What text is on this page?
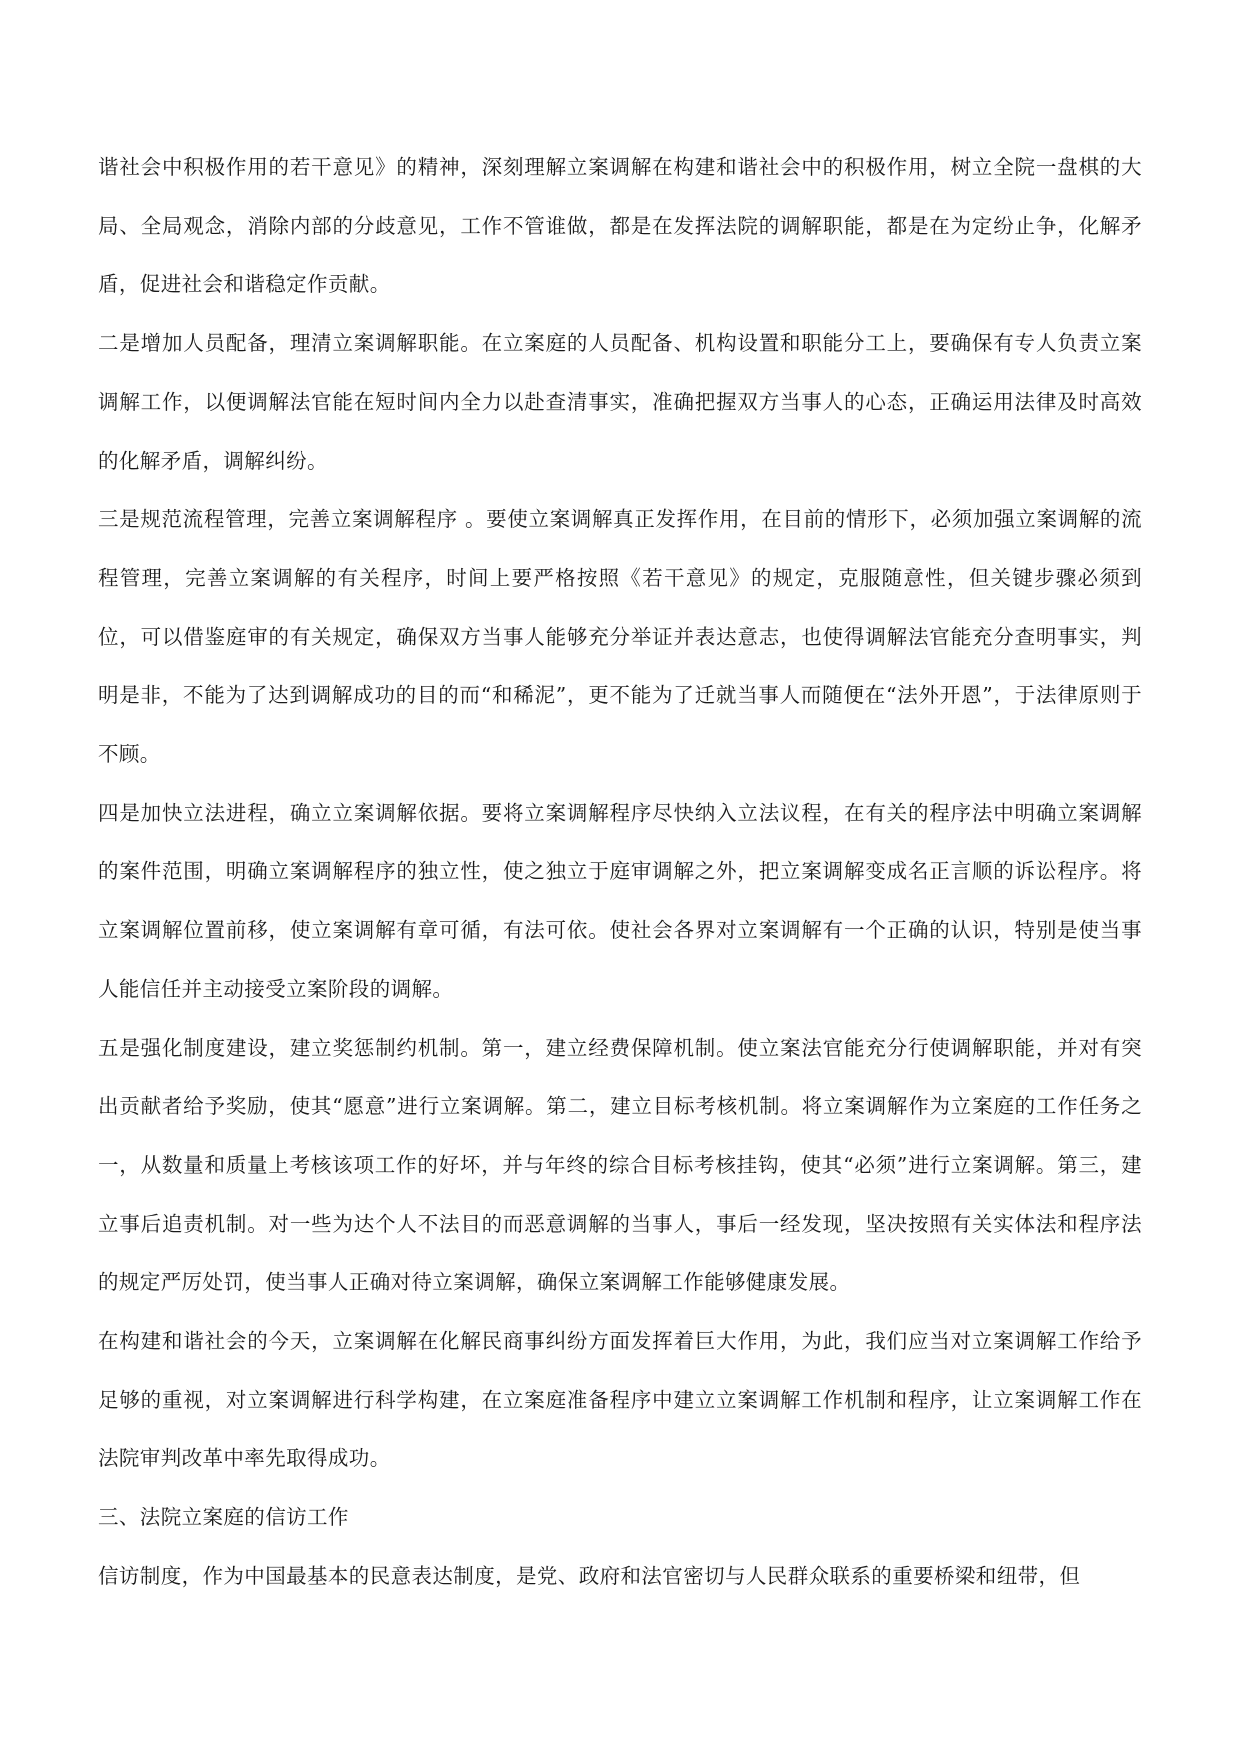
谐社会中积极作用的若干意见》的精神，深刻理解立案调解在构建和谐社会中的积极作用，树立全院一盘棋的大局、全局观念，消除内部的分歧意见，工作不管谁做，都是在发挥法院的调解职能，都是在为定纷止争，化解矛盾，促进社会和谐稳定作贡献。

二是增加人员配备，理清立案调解职能。在立案庭的人员配备、机构设置和职能分工上，要确保有专人负责立案调解工作，以便调解法官能在短时间内全力以赴查清事实，准确把握双方当事人的心态，正确运用法律及时高效的化解矛盾，调解纠纷。

三是规范流程管理，完善立案调解程序 。要使立案调解真正发挥作用，在目前的情形下，必须加强立案调解的流程管理，完善立案调解的有关程序，时间上要严格按照《若干意见》的规定，克服随意性，但关键步骤必须到位，可以借鉴庭审的有关规定，确保双方当事人能够充分举证并表达意志，也使得调解法官能充分查明事实，判明是非，不能为了达到调解成功的目的而“和稀泥”，更不能为了迁就当事人而随便在“法外开恩”，于法律原则于不顾。

四是加快立法进程，确立立案调解依据。要将立案调解程序尽快纳入立法议程，在有关的程序法中明确立案调解的案件范围，明确立案调解程序的独立性，使之独立于庭审调解之外，把立案调解变成名正言顺的诉讼程序。将立案调解位置前移，使立案调解有章可循，有法可依。使社会各界对立案调解有一个正确的认识，特别是使当事人能信任并主动接受立案阶段的调解。

五是强化制度建设，建立奖惩制约机制。第一，建立经费保障机制。使立案法官能充分行使调解职能，并对有突出贡献者给予奖励，使其“愿意”进行立案调解。第二，建立目标考核机制。将立案调解作为立案庭的工作任务之一，从数量和质量上考核该项工作的好坏，并与年终的综合目标考核挂钩，使其“必须”进行立案调解。第三，建立事后追责机制。对一些为达个人不法目的而恶意调解的当事人，事后一经发现，坚决按照有关实体法和程序法的规定严厉处罚，使当事人正确对待立案调解，确保立案调解工作能够健康发展。

在构建和谐社会的今天，立案调解在化解民商事纠纷方面发挥着巨大作用，为此，我们应当对立案调解工作给予足够的重视，对立案调解进行科学构建，在立案庭准备程序中建立立案调解工作机制和程序，让立案调解工作在法院审判改革中率先取得成功。

三、法院立案庭的信访工作

信访制度，作为中国最基本的民意表达制度，是党、政府和法官密切与人民群众联系的重要桥梁和纽带，但
